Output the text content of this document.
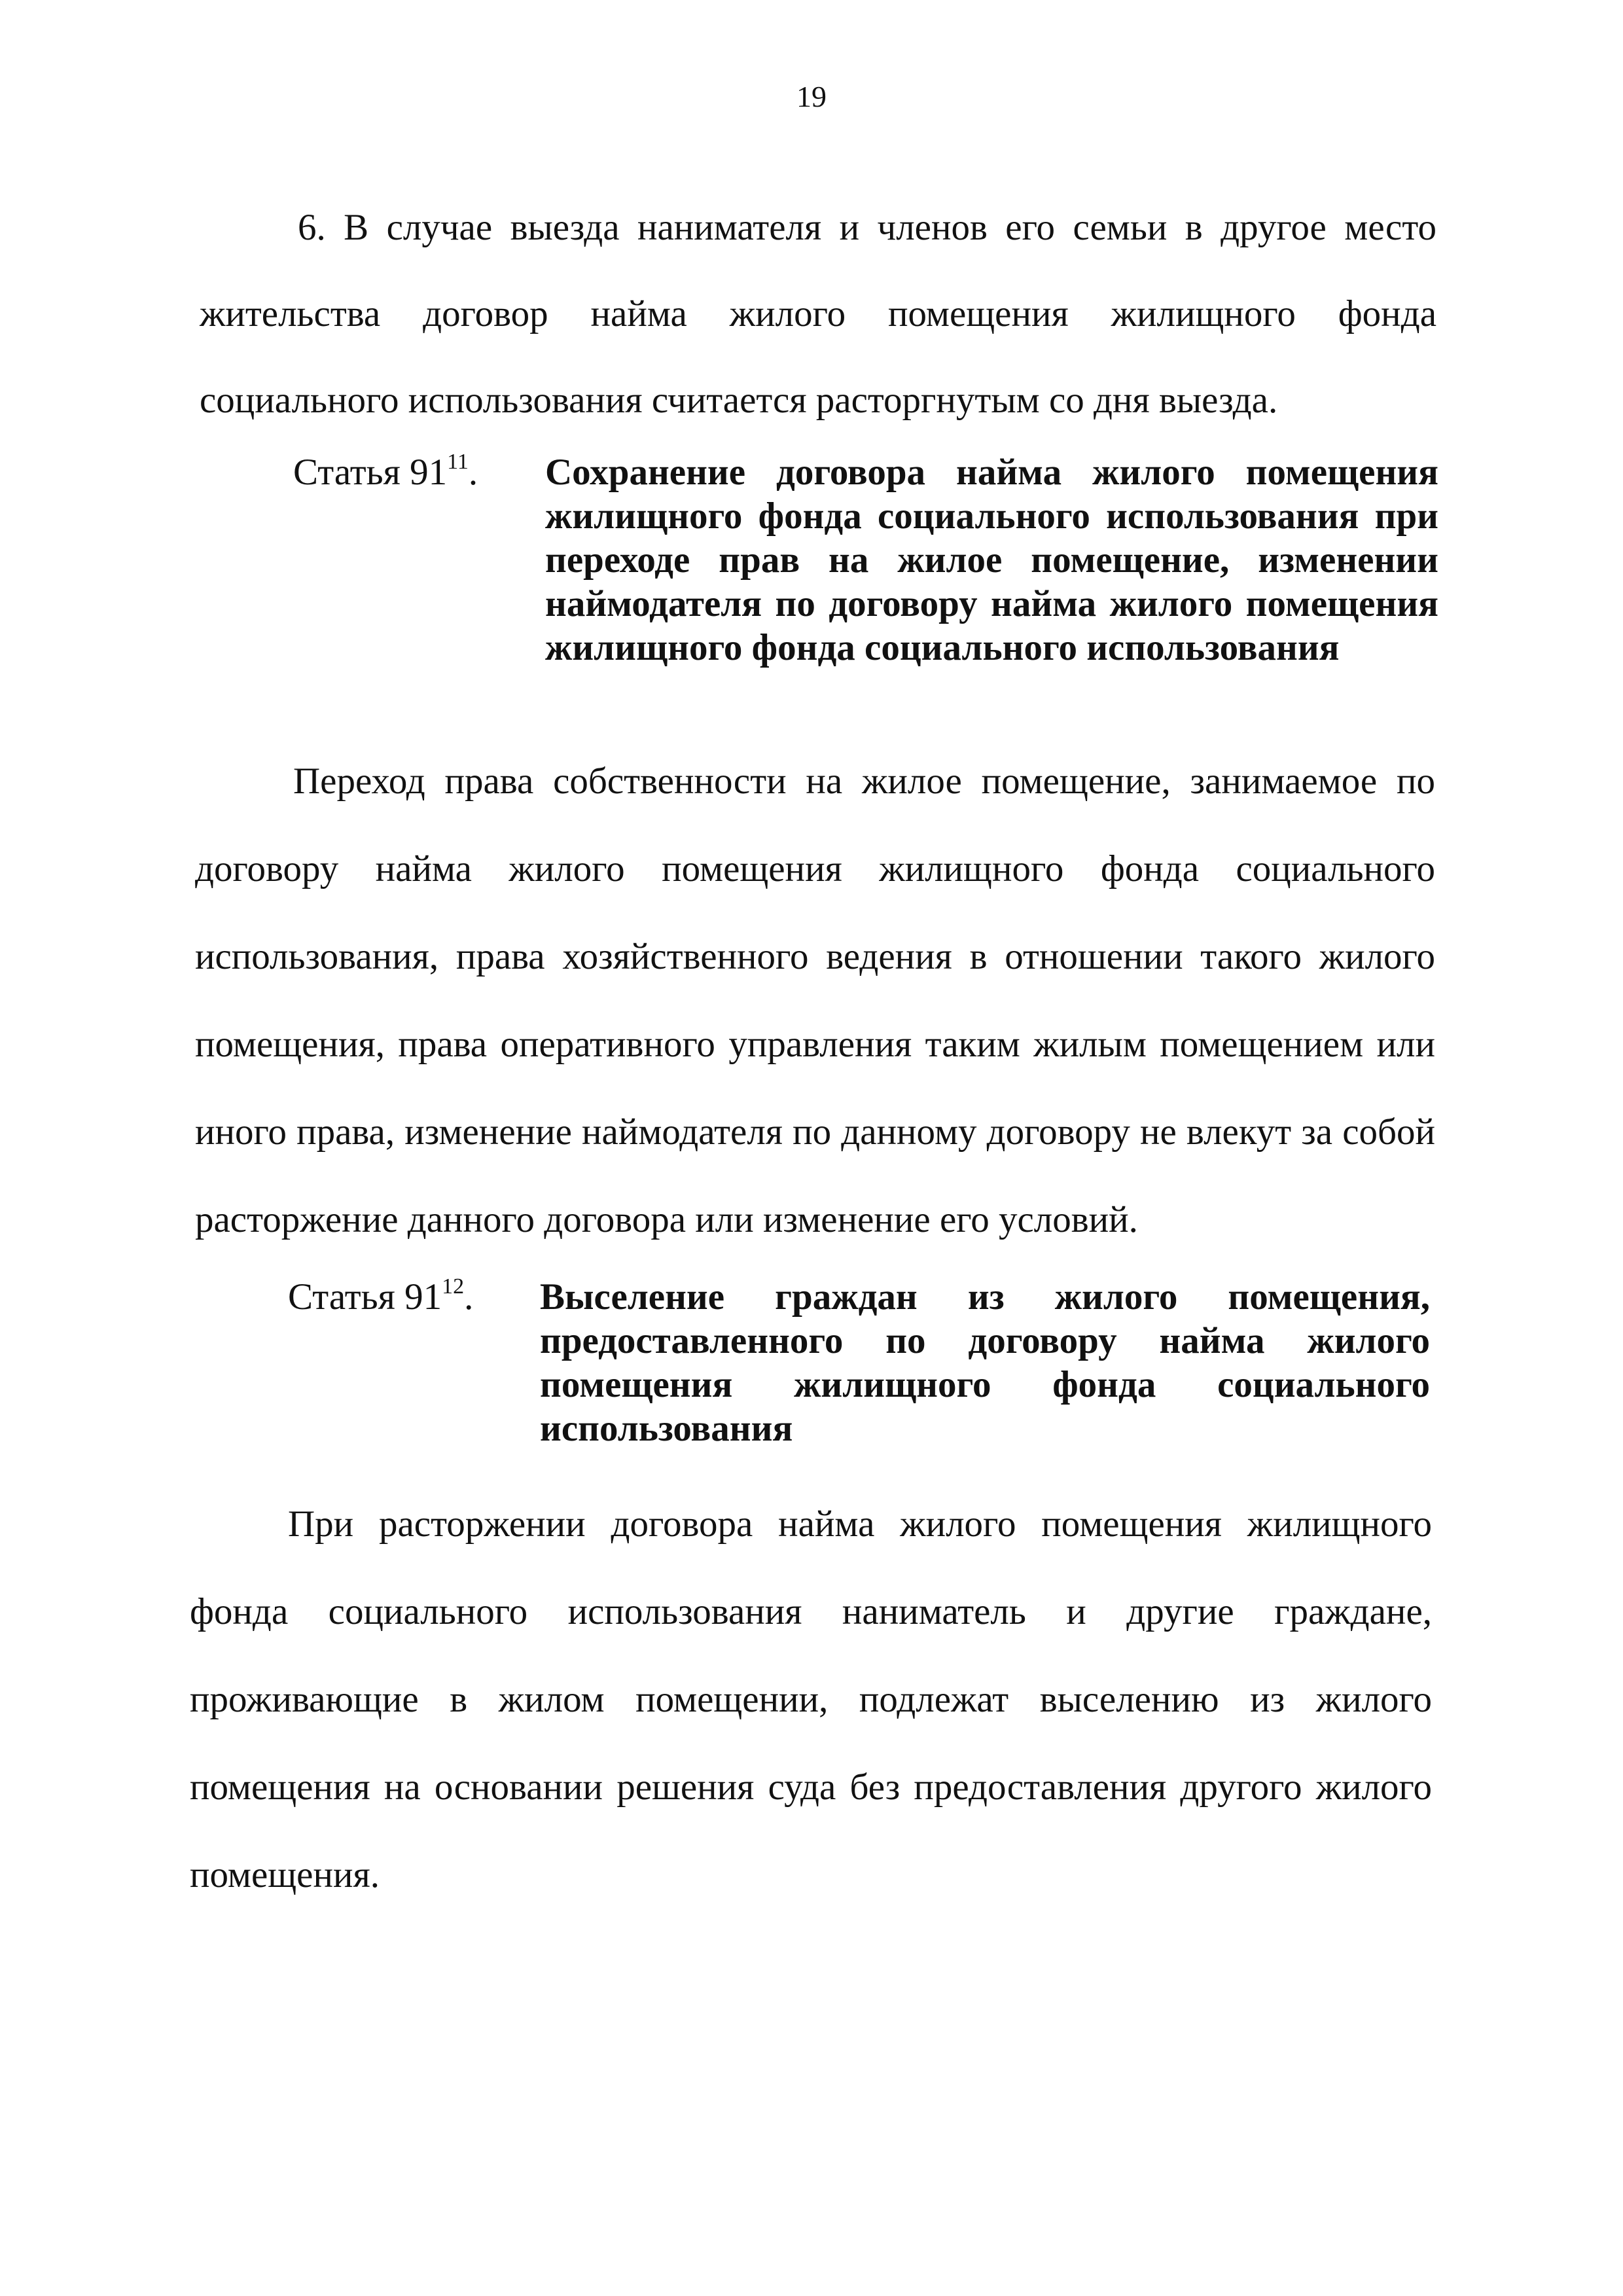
19

6. В случае выезда нанимателя и членов его семьи в другое место жительства договор найма жилого помещения жилищного фонда социального использования считается расторгнутым со дня выезда.

Статья $91^{11}$. Сохранение договора найма жилого помещения жилищного фонда социального использования при переходе прав на жилое помещение, изменении наймодателя по договору найма жилого помещения жилищного фонда социального использования

Переход права собственности на жилое помещение, занимаемое по договору найма жилого помещения жилищного фонда социального использования, права хозяйственного ведения в отношении такого жилого помещения, права оперативного управления таким жилым помещением или иного права, изменение наймодателя по данному договору не влекут за собой расторжение данного договора или изменение его условий.

Статья $91^{12}$. Выселение граждан из жилого помещения, предоставленного по договору найма жилого помещения жилищного фонда социального использования

При расторжении договора найма жилого помещения жилищного фонда социального использования наниматель и другие граждане, проживающие в жилом помещении, подлежат выселению из жилого помещения на основании решения суда без предоставления другого жилого помещения.
